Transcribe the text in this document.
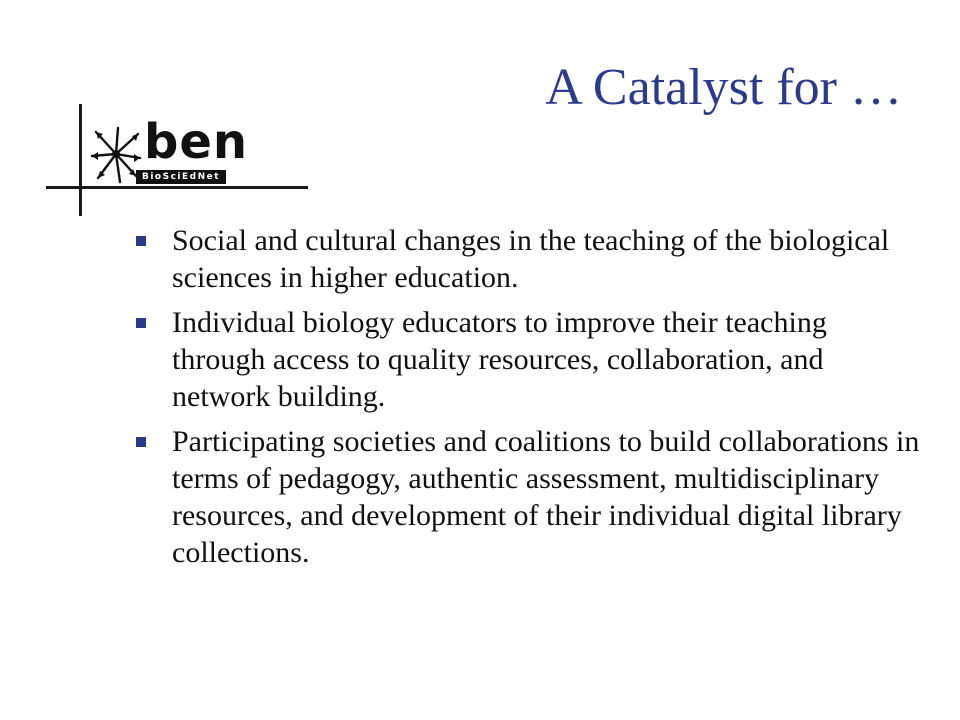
A Catalyst for …
ben
BioSciEdNet
Social and cultural changes in the teaching of the biological sciences in higher education.
Individual biology educators to improve their teaching through access to quality resources, collaboration, and network building.
Participating societies and coalitions to build collaborations in terms of pedagogy, authentic assessment, multidisciplinary resources, and development of their individual digital library collections.
